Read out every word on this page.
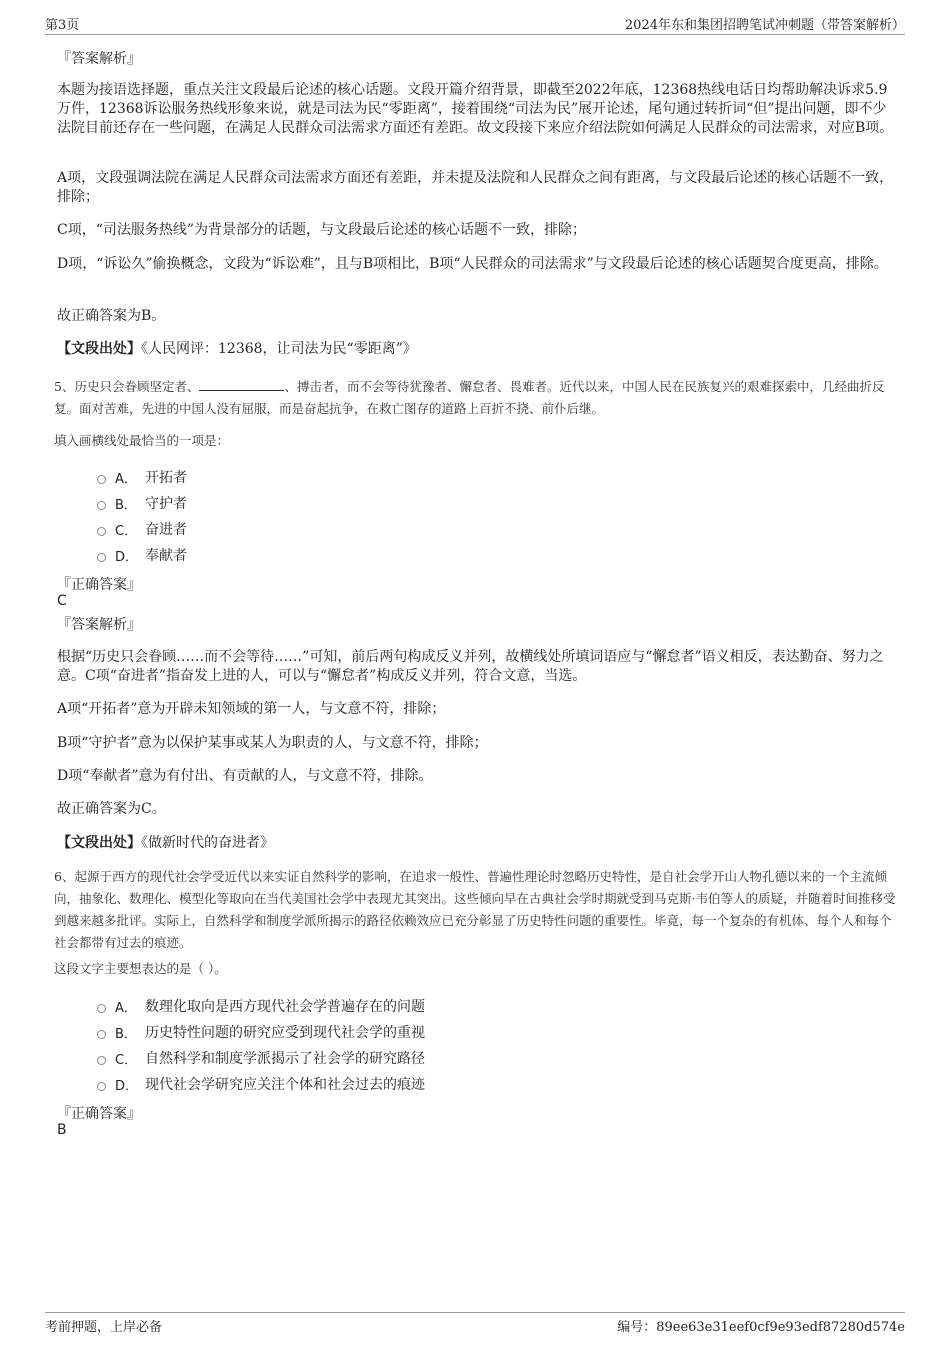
第3页	2024年东和集团招聘笔试冲刺题（带答案解析）
『答案解析』
本题为接语选择题，重点关注文段最后论述的核心话题。文段开篇介绍背景，即截至2022年底，12368热线电话日均帮助解决诉求5.9万件，12368诉讼服务热线形象来说，就是司法为民“零距离”，接着围绕“司法为民”展开论述，尾句通过转折词“但”提出问题，即不少法院目前还存在一些问题，在满足人民群众司法需求方面还有差距。故文段接下来应介绍法院如何满足人民群众的司法需求，对应B项。
A项，文段强调法院在满足人民群众司法需求方面还有差距，并未提及法院和人民群众之间有距离，与文段最后论述的核心话题不一致，排除；
C项，“司法服务热线”为背景部分的话题，与文段最后论述的核心话题不一致，排除；
D项，“诉讼久”偷换概念，文段为“诉讼难”，且与B项相比，B项“人民群众的司法需求”与文段最后论述的核心话题契合度更高，排除。
故正确答案为B。
【文段出处】《人民网评：12368，让司法为民“零距离”》
5、历史只会眷顾坚定者、	、搏击者，而不会等待犹豫者、懈怠者、畏难者。近代以来，中国人民在民族复兴的艰难探索中，几经曲折反复。面对苦难，先进的中国人没有屈服，而是奋起抗争，在救亡图存的道路上百折不挠、前仆后继。
填入画横线处最恰当的一项是：
A． 开拓者
B． 守护者
C． 奋进者
D． 奉献者
『正确答案』
C
『答案解析』
根据“历史只会眷顾……而不会等待……”可知，前后两句构成反义并列，故横线处所填词语应与“懈怠者”语义相反，表达勤奋、努力之意。C项“奋进者”指奋发上进的人，可以与“懈怠者”构成反义并列，符合文意，当选。
A项“开拓者”意为开辟未知领域的第一人，与文意不符，排除；
B项“守护者”意为以保护某事或某人为职责的人，与文意不符，排除；
D项“奉献者”意为有付出、有贡献的人，与文意不符，排除。
故正确答案为C。
【文段出处】《做新时代的奋进者》
6、起源于西方的现代社会学受近代以来实证自然科学的影响，在追求一般性、普遍性理论时忽略历史特性，是自社会学开山人物孔德以来的一个主流倾向，抽象化、数理化、模型化等取向在当代美国社会学中表现尤其突出。这些倾向早在古典社会学时期就受到马克斯·韦伯等人的质疑，并随着时间推移受到越来越多批评。实际上，自然科学和制度学派所揭示的路径依赖效应已充分彰显了历史特性问题的重要性。毕竟，每一个复杂的有机体、每个人和每个社会都带有过去的痕迹。
这段文字主要想表达的是（ ）。
A． 数理化取向是西方现代社会学普遍存在的问题
B． 历史特性问题的研究应受到现代社会学的重视
C． 自然科学和制度学派揭示了社会学的研究路径
D． 现代社会学研究应关注个体和社会过去的痕迹
『正确答案』
B
考前押题，上岸必备	编号：89ee63e31eef0cf9e93edf87280d574e
